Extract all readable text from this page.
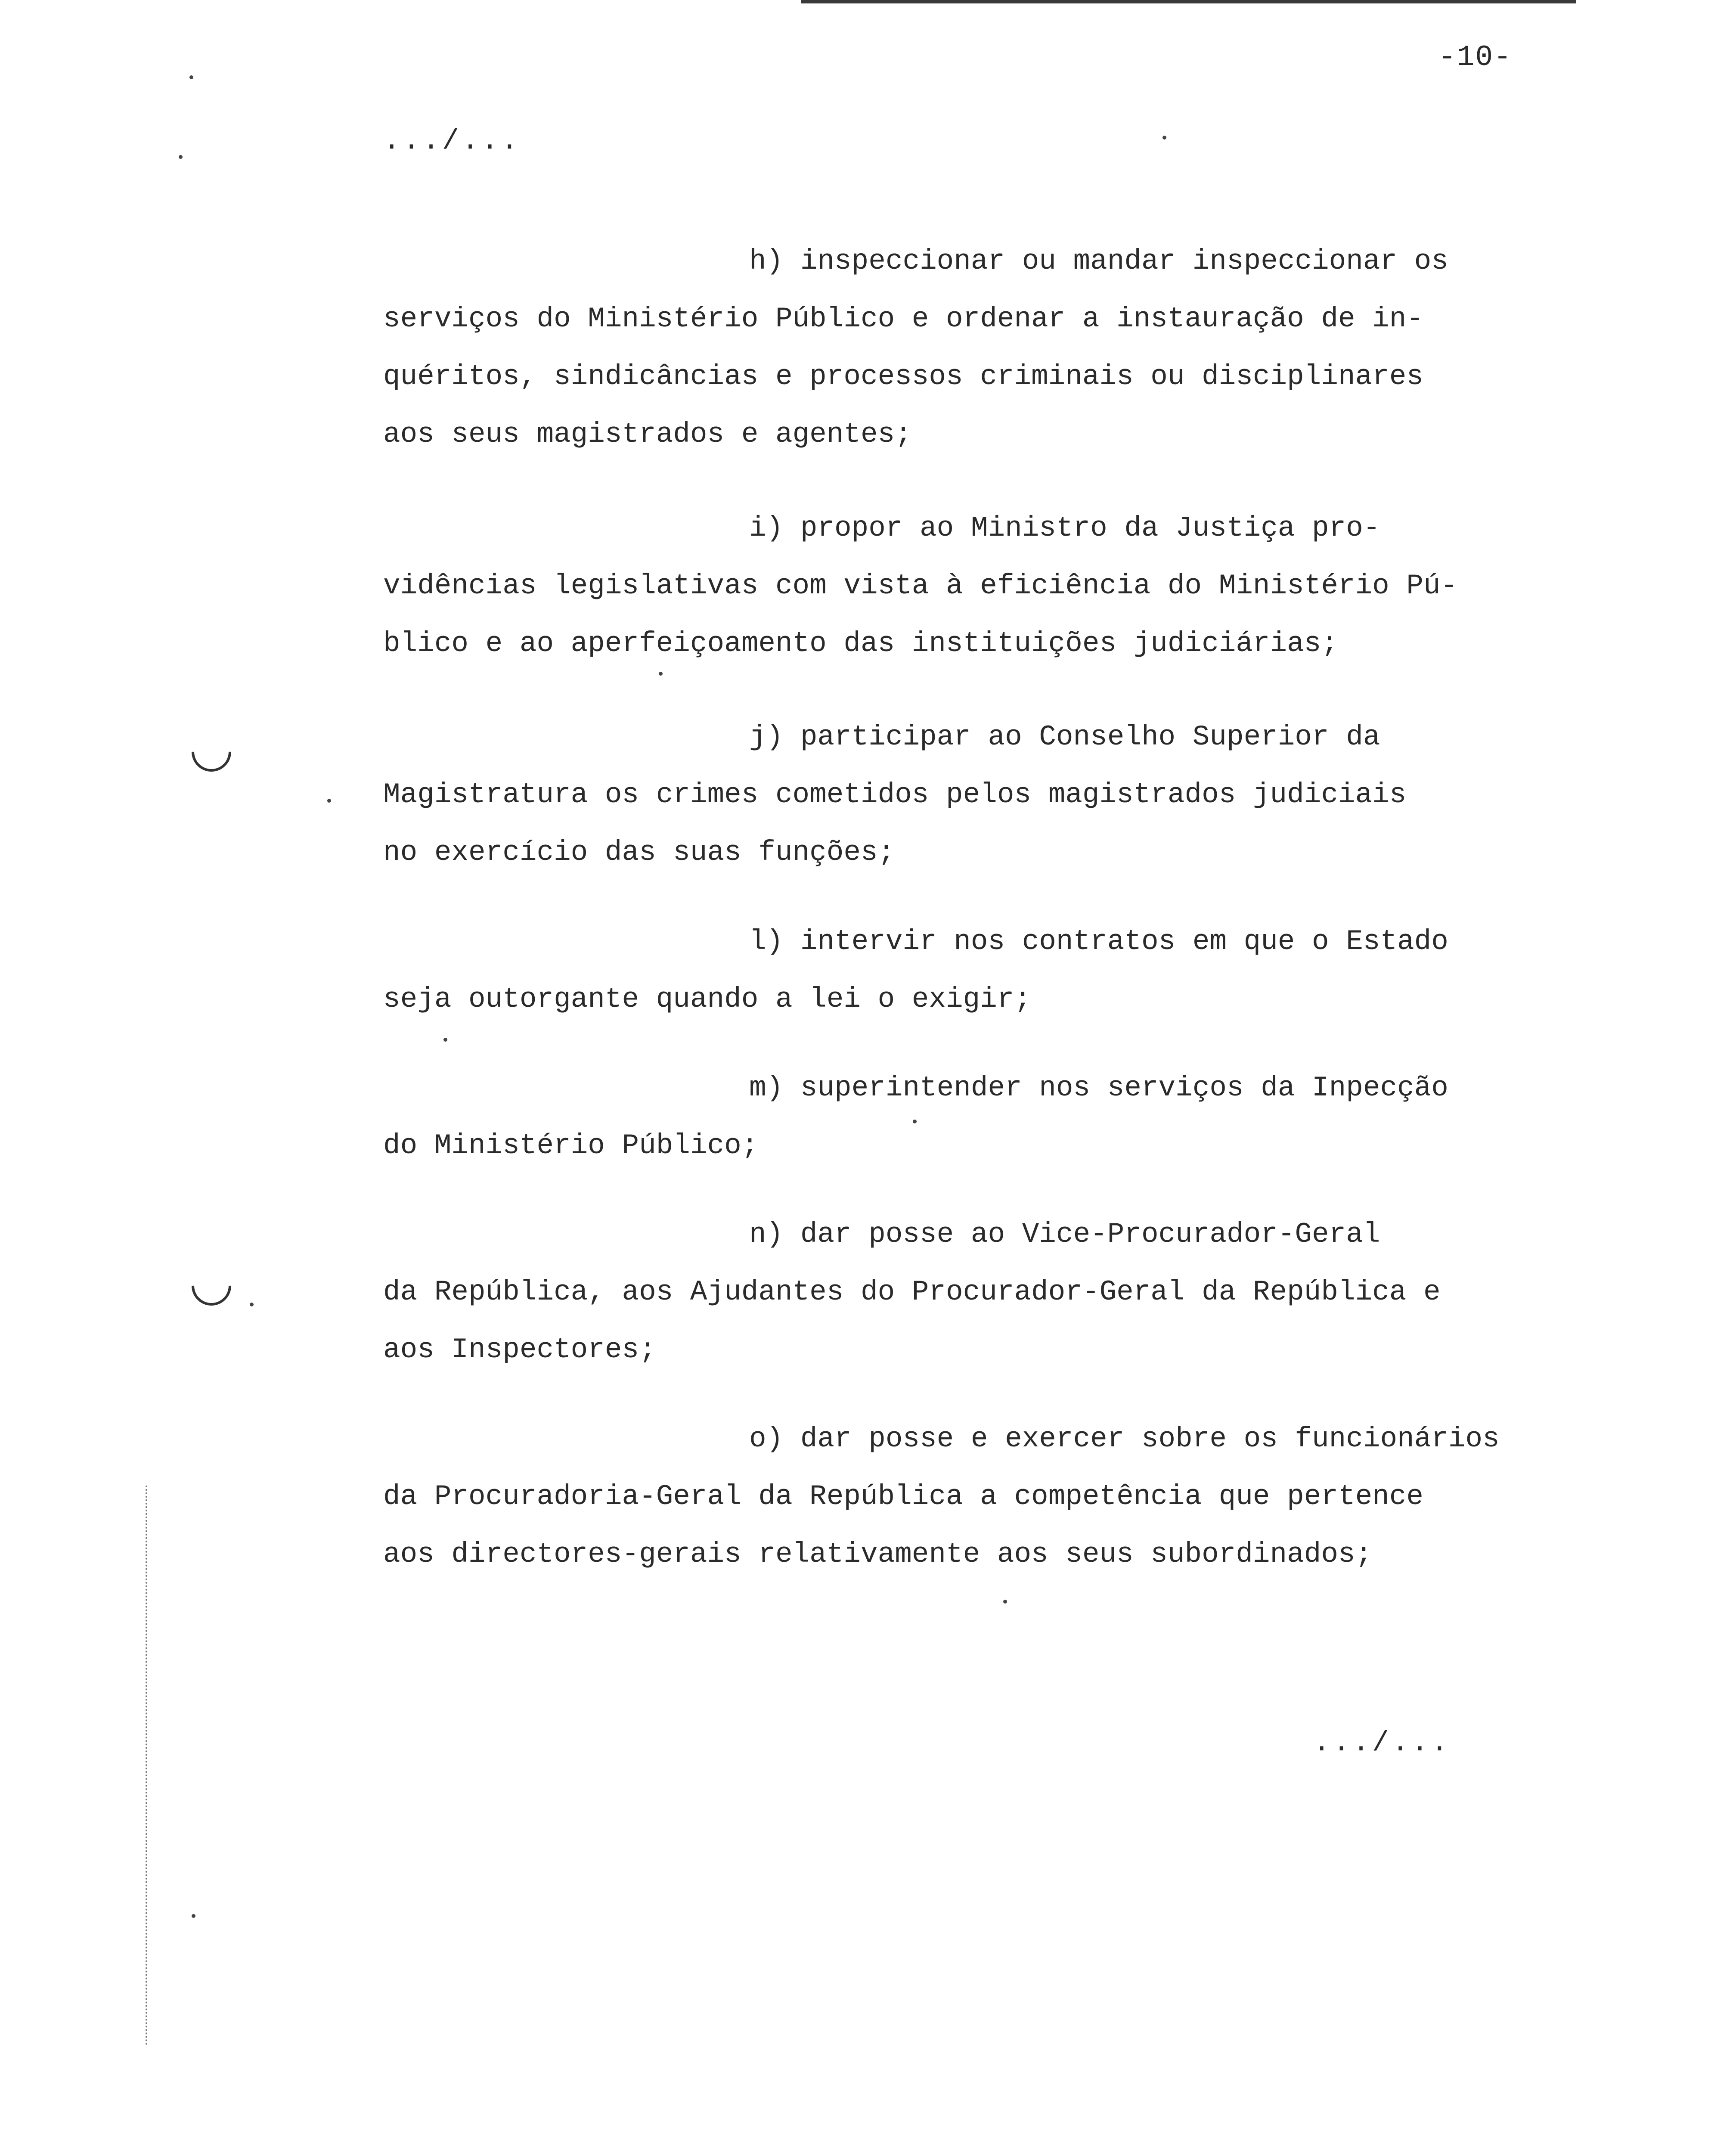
-10-
.../...
h) inspeccionar ou mandar inspeccionar os
serviços do Ministério Público e ordenar a instauração de in-
quéritos, sindicâncias e processos criminais ou disciplinares
aos seus magistrados e agentes;
i) propor ao Ministro da Justiça pro-
vidências legislativas com vista à eficiência do Ministério Pú-
blico e ao aperfeiçoamento das instituições judiciárias;
j) participar ao Conselho Superior da
Magistratura os crimes cometidos pelos magistrados judiciais
no exercício das suas funções;
l) intervir nos contratos em que o Estado
seja outorgante quando a lei o exigir;
m) superintender nos serviços da Inpecção
do Ministério Público;
n) dar posse ao Vice-Procurador-Geral
da República, aos Ajudantes do Procurador-Geral da República e
aos Inspectores;
o) dar posse e exercer sobre os funcionários
da Procuradoria-Geral da República a competência que pertence
aos directores-gerais relativamente aos seus subordinados;
.../...
